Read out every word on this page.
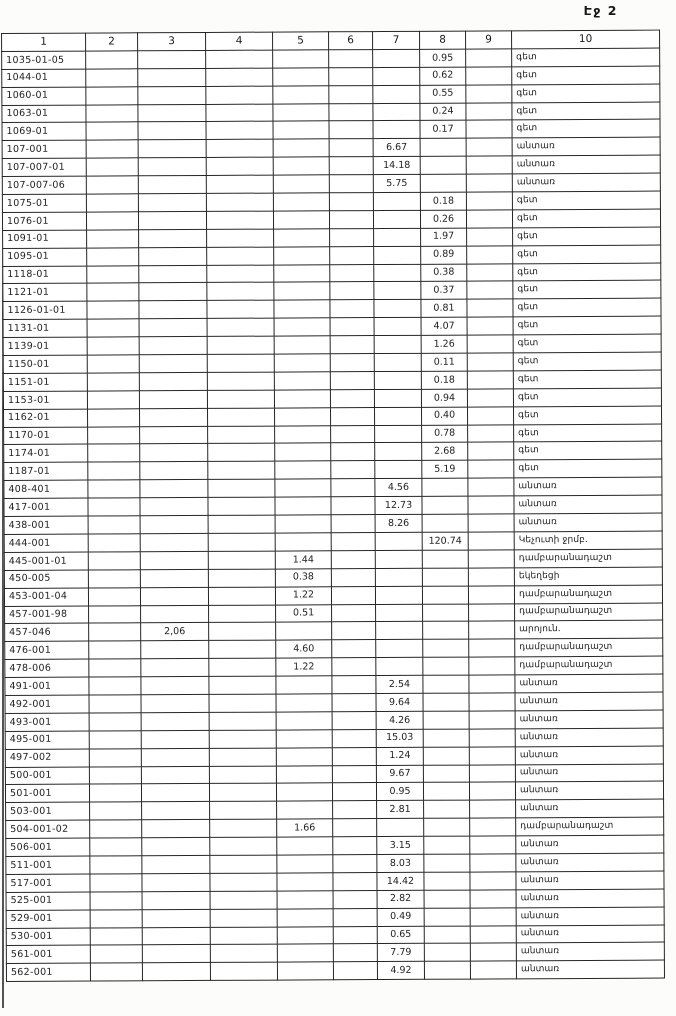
Էջ 2
1	2	3	4	5	6	7	8	9	10
1035-01-05							0.95		գետ
1044-01							0.62		գետ
1060-01							0.55		գետ
1063-01							0.24		գետ
1069-01							0.17		գետ
107-001						6.67			անտառ
107-007-01						14.18			անտառ
107-007-06						5.75			անտառ
1075-01							0.18		գետ
1076-01							0.26		գետ
1091-01							1.97		գետ
1095-01							0.89		գետ
1118-01							0.38		գետ
1121-01							0.37		գետ
1126-01-01							0.81		գետ
1131-01							4.07		գետ
1139-01							1.26		գետ
1150-01							0.11		գետ
1151-01							0.18		գետ
1153-01							0.94		գետ
1162-01							0.40		գետ
1170-01							0.78		գետ
1174-01							2.68		գետ
1187-01							5.19		գետ
408-401						4.56			անտառ
417-001						12.73			անտառ
438-001						8.26			անտառ
444-001							120.74		Կեչուտի ջրմբ.
445-001-01				1.44					դամբարանադաշտ
450-005				0.38					եկեղեցի
453-001-04				1.22					դամբարանադաշտ
457-001-98				0.51					դամբարանադաշտ
457-046		2,06							արոյուն.
476-001				4.60					դամբարանադաշտ
478-006				1.22					դամբարանադաշտ
491-001						2.54			անտառ
492-001						9.64			անտառ
493-001						4.26			անտառ
495-001						15.03			անտառ
497-002						1.24			անտառ
500-001						9.67			անտառ
501-001						0.95			անտառ
503-001						2.81			անտառ
504-001-02				1.66					դամբարանադաշտ
506-001						3.15			անտառ
511-001						8.03			անտառ
517-001						14.42			անտառ
525-001						2.82			անտառ
529-001						0.49			անտառ
530-001						0.65			անտառ
561-001						7.79			անտառ
562-001						4.92			անտառ
